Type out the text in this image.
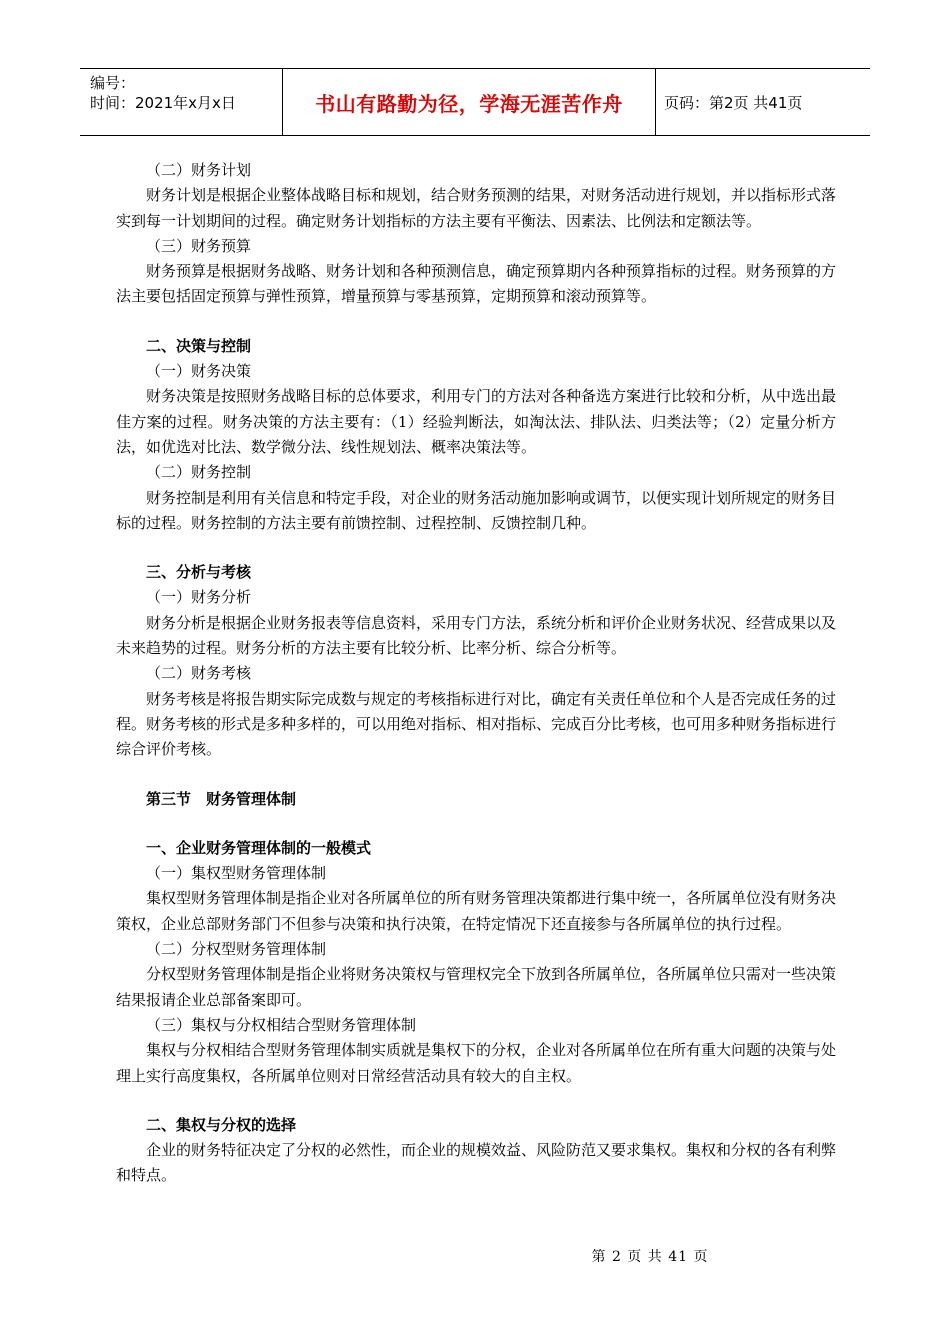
编号：
时间：2021年x月x日	书山有路勤为径，学海无涯苦作舟	页码：第2页 共41页

（二）财务计划

财务计划是根据企业整体战略目标和规划，结合财务预测的结果，对财务活动进行规划，并以指标形式落实到每一计划期间的过程。确定财务计划指标的方法主要有平衡法、因素法、比例法和定额法等。

（三）财务预算

财务预算是根据财务战略、财务计划和各种预测信息，确定预算期内各种预算指标的过程。财务预算的方法主要包括固定预算与弹性预算，增量预算与零基预算，定期预算和滚动预算等。

二、决策与控制

（一）财务决策

财务决策是按照财务战略目标的总体要求，利用专门的方法对各种备选方案进行比较和分析，从中选出最佳方案的过程。财务决策的方法主要有：（1）经验判断法，如淘汰法、排队法、归类法等；（2）定量分析方法，如优选对比法、数学微分法、线性规划法、概率决策法等。

（二）财务控制

财务控制是利用有关信息和特定手段，对企业的财务活动施加影响或调节，以便实现计划所规定的财务目标的过程。财务控制的方法主要有前馈控制、过程控制、反馈控制几种。

三、分析与考核

（一）财务分析

财务分析是根据企业财务报表等信息资料，采用专门方法，系统分析和评价企业财务状况、经营成果以及未来趋势的过程。财务分析的方法主要有比较分析、比率分析、综合分析等。

（二）财务考核

财务考核是将报告期实际完成数与规定的考核指标进行对比，确定有关责任单位和个人是否完成任务的过程。财务考核的形式是多种多样的，可以用绝对指标、相对指标、完成百分比考核，也可用多种财务指标进行综合评价考核。

第三节　财务管理体制

一、企业财务管理体制的一般模式

（一）集权型财务管理体制

集权型财务管理体制是指企业对各所属单位的所有财务管理决策都进行集中统一，各所属单位没有财务决策权，企业总部财务部门不但参与决策和执行决策，在特定情况下还直接参与各所属单位的执行过程。

（二）分权型财务管理体制

分权型财务管理体制是指企业将财务决策权与管理权完全下放到各所属单位，各所属单位只需对一些决策结果报请企业总部备案即可。

（三）集权与分权相结合型财务管理体制

集权与分权相结合型财务管理体制实质就是集权下的分权，企业对各所属单位在所有重大问题的决策与处理上实行高度集权，各所属单位则对日常经营活动具有较大的自主权。

二、集权与分权的选择

企业的财务特征决定了分权的必然性，而企业的规模效益、风险防范又要求集权。集权和分权的各有利弊和特点。

第 2 页 共 41 页
